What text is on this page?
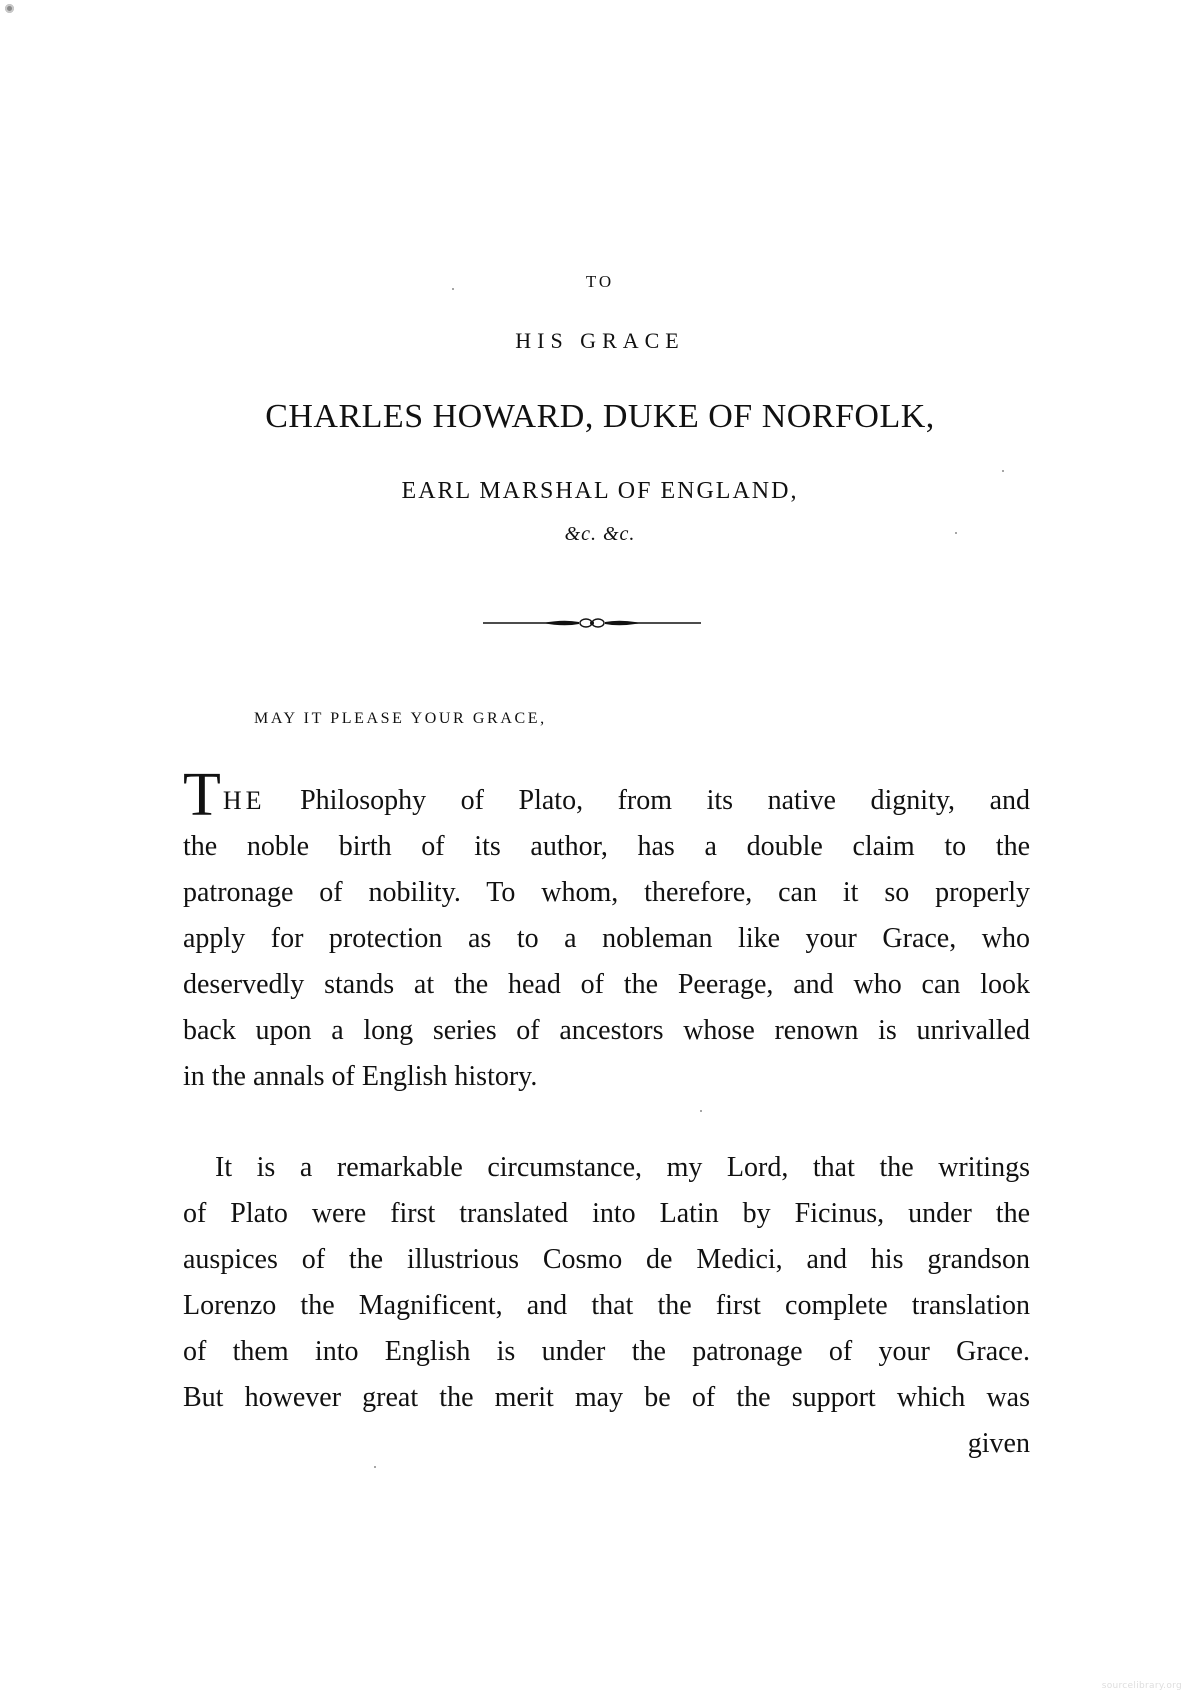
TO

HIS GRACE

CHARLES HOWARD, DUKE OF NORFOLK,

EARL MARSHAL OF ENGLAND,

&c. &c.

MAY IT PLEASE YOUR GRACE,

THE Philosophy of Plato, from its native dignity, and
the noble birth of its author, has a double claim to the
patronage of nobility. To whom, therefore, can it so properly
apply for protection as to a nobleman like your Grace, who
deservedly stands at the head of the Peerage, and who can look
back upon a long series of ancestors whose renown is unrivalled
in the annals of English history.
It is a remarkable circumstance, my Lord, that the writings
of Plato were first translated into Latin by Ficinus, under the
auspices of the illustrious Cosmo de Medici, and his grandson
Lorenzo the Magnificent, and that the first complete translation
of them into English is under the patronage of your Grace.
But however great the merit may be of the support which was
given
sourcelibrary.org
